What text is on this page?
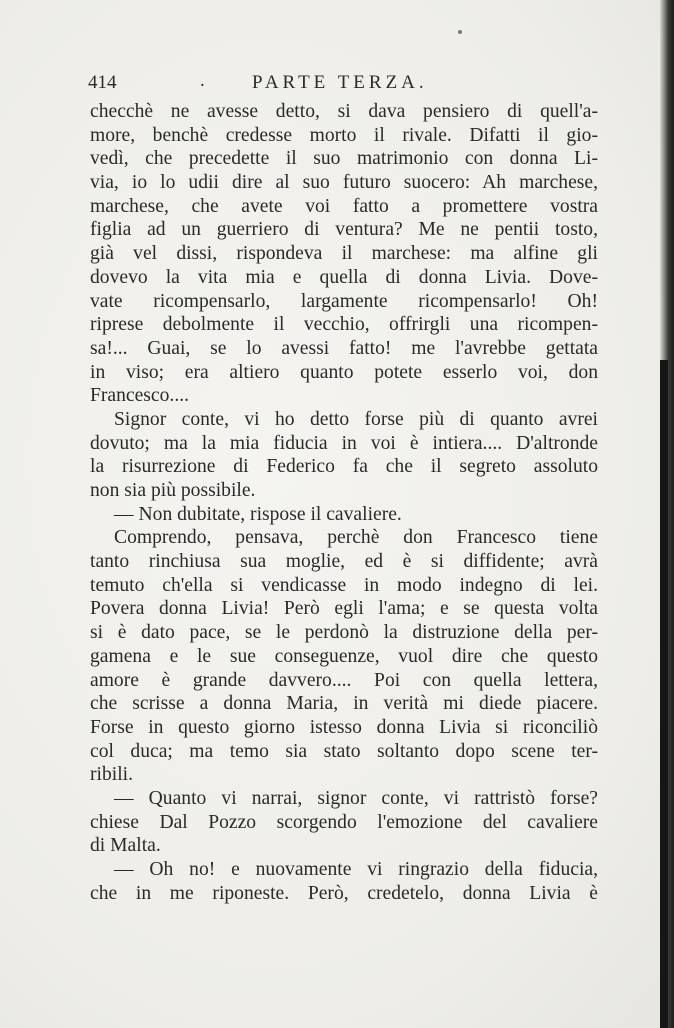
414	. PARTE TERZA.
checchè ne avesse detto, si dava pensiero di quell'a-
more, benchè credesse morto il rivale. Difatti il gio-
vedì, che precedette il suo matrimonio con donna Li-
via, io lo udii dire al suo futuro suocero: Ah marchese,
marchese, che avete voi fatto a promettere vostra
figlia ad un guerriero di ventura? Me ne pentii tosto,
già vel dissi, rispondeva il marchese: ma alfine gli
dovevo la vita mia e quella di donna Livia. Dove-
vate ricompensarlo, largamente ricompensarlo! Oh!
riprese debolmente il vecchio, offrirgli una ricompen-
sa!... Guai, se lo avessi fatto! me l'avrebbe gettata
in viso; era altiero quanto potete esserlo voi, don
Francesco....
Signor conte, vi ho detto forse più di quanto avrei
dovuto; ma la mia fiducia in voi è intiera.... D'altronde
la risurrezione di Federico fa che il segreto assoluto
non sia più possibile.
— Non dubitate, rispose il cavaliere.
Comprendo, pensava, perchè don Francesco tiene
tanto rinchiusa sua moglie, ed è si diffidente; avrà
temuto ch'ella si vendicasse in modo indegno di lei.
Povera donna Livia! Però egli l'ama; e se questa volta
si è dato pace, se le perdonò la distruzione della per-
gamena e le sue conseguenze, vuol dire che questo
amore è grande davvero.... Poi con quella lettera,
che scrisse a donna Maria, in verità mi diede piacere.
Forse in questo giorno istesso donna Livia si riconciliò
col duca; ma temo sia stato soltanto dopo scene ter-
ribili.
— Quanto vi narrai, signor conte, vi rattristò forse?
chiese Dal Pozzo scorgendo l'emozione del cavaliere
di Malta.
— Oh no! e nuovamente vi ringrazio della fiducia,
che in me riponeste. Però, credetelo, donna Livia è
